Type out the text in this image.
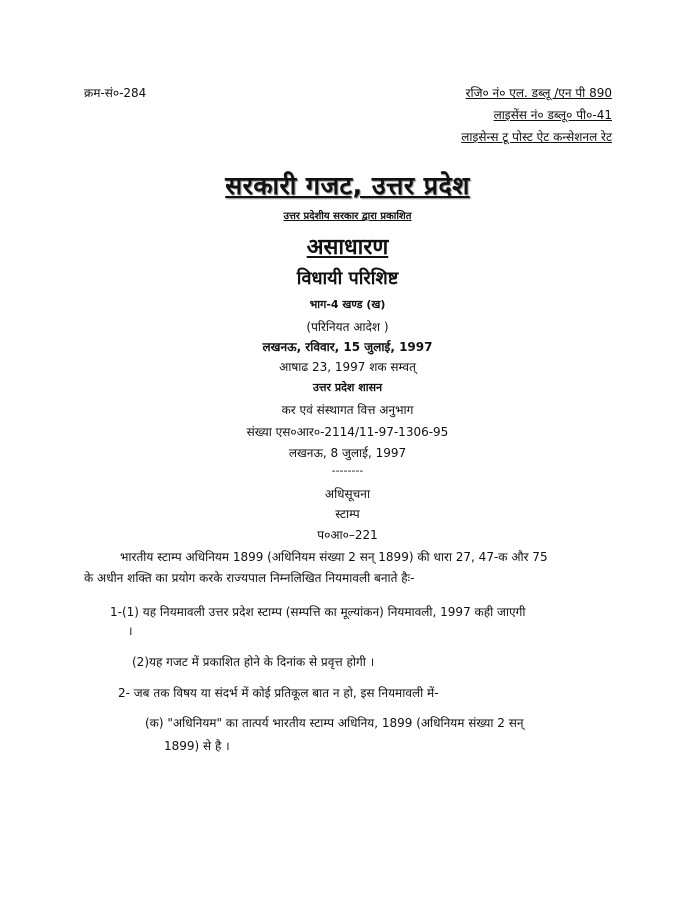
क्रम-सं०-284	रजि० नं० एल. डब्लू /एन पी 890
लाइसेंस नं० डब्लू० पी०-41
लाइसेन्स टू पोस्ट ऐट कन्सेशनल रेट
सरकारी गजट, उत्तर प्रदेश
उत्तर प्रदेशीय सरकार द्वारा प्रकाशित
असाधारण
विधायी परिशिष्ट
भाग-4 खण्ड (ख)
(परिनियत आदेश )
लखनऊ, रविवार, 15 जुलाई, 1997
आषाढ 23, 1997 शक सम्वत्
उत्तर प्रदेश शासन
कर एवं संस्थागत वित्त अनुभाग
संख्या एस०आर०-2114/11-97-1306-95
लखनऊ, 8 जुलाई, 1997
--------
अधिसूचना
स्टाम्प
प०आ०–221
भारतीय स्टाम्प अधिनियम 1899 (अधिनियम संख्या 2 सन् 1899) की धारा 27, 47-क और 75
के अधीन शक्ति का प्रयोग करके राज्यपाल निम्नलिखित नियमावली बनाते हैः-
1-(1) यह नियमावली उत्तर प्रदेश स्टाम्प (सम्पत्ति का मूल्यांकन) नियमावली, 1997 कही जाएगी
।
(2)यह गजट में प्रकाशित होने के दिनांक से प्रवृत्त होगी ।
2- जब तक विषय या संदर्भ में कोई प्रतिकूल बात न हो, इस नियमावली में-
(क) "अधिनियम" का तात्पर्य भारतीय स्टाम्प अधिनिय, 1899 (अधिनियम संख्या 2 सन्
1899) से है ।
